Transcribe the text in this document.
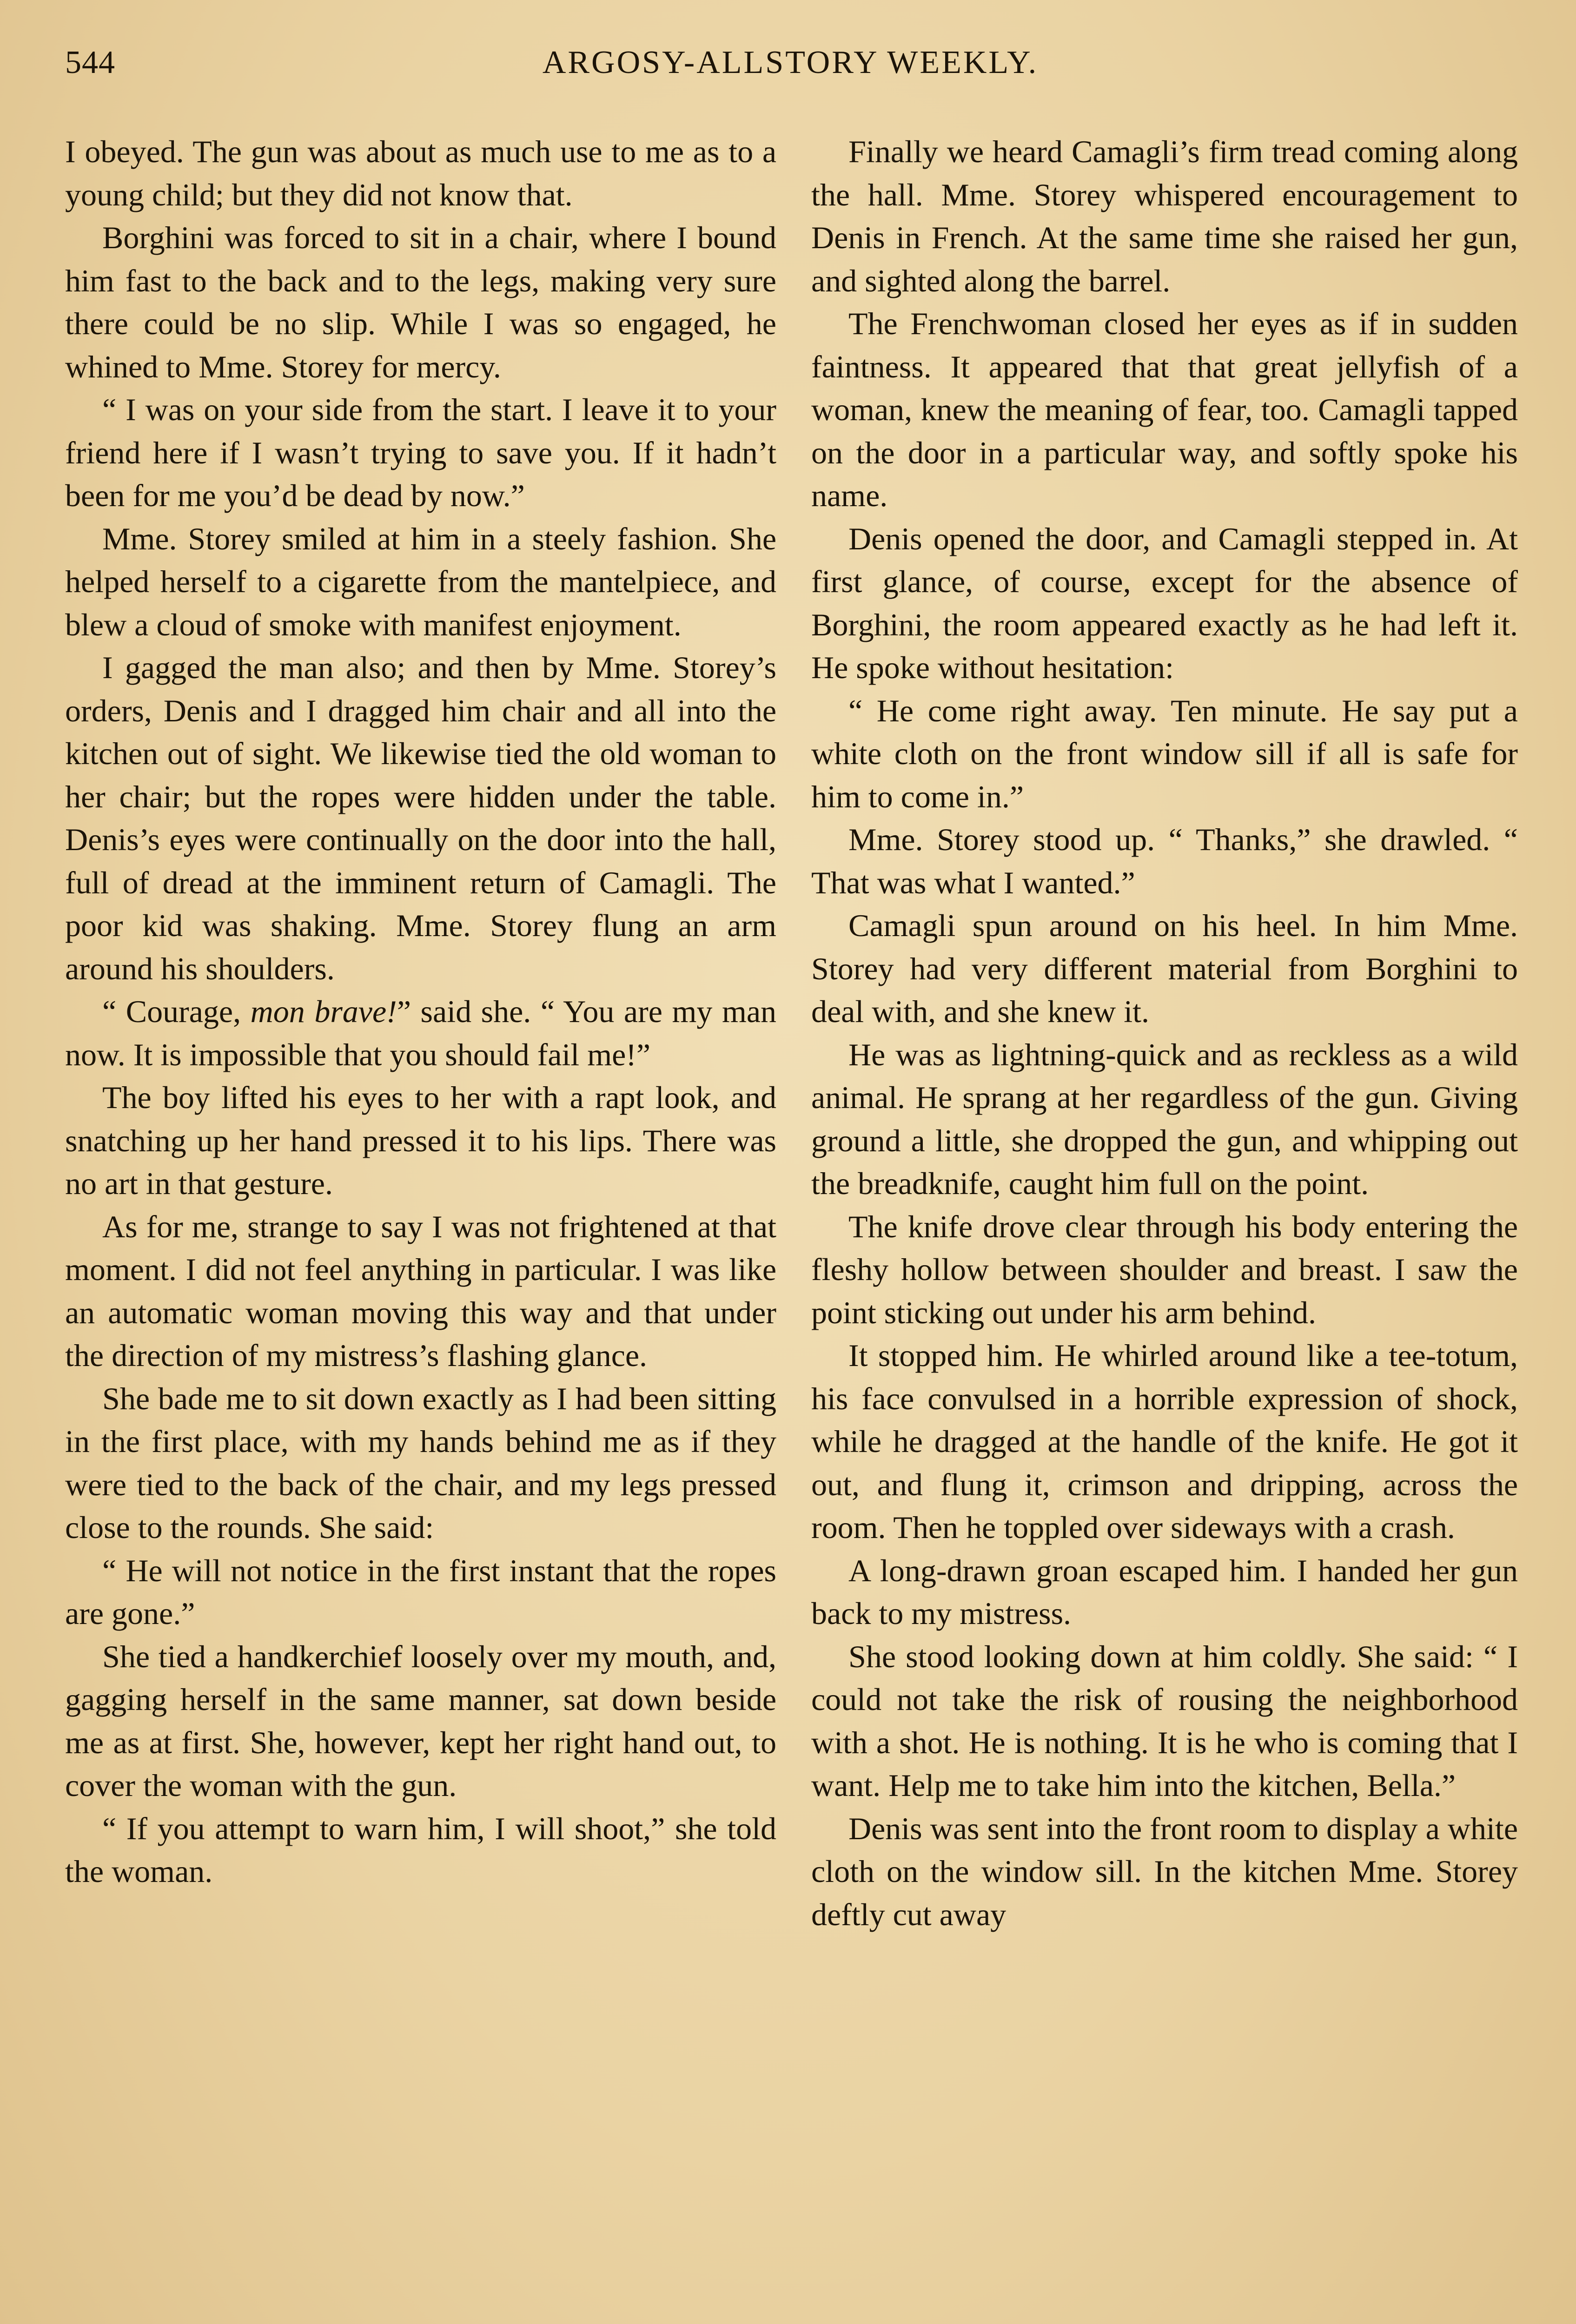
544	ARGOSY-ALLSTORY WEEKLY.

I obeyed. The gun was about as much use to me as to a young child; but they did not know that.

Borghini was forced to sit in a chair, where I bound him fast to the back and to the legs, making very sure there could be no slip. While I was so engaged, he whined to Mme. Storey for mercy.

“ I was on your side from the start. I leave it to your friend here if I wasn’t trying to save you. If it hadn’t been for me you’d be dead by now.”

Mme. Storey smiled at him in a steely fashion. She helped herself to a cigarette from the mantelpiece, and blew a cloud of smoke with manifest enjoyment.

I gagged the man also; and then by Mme. Storey’s orders, Denis and I dragged him chair and all into the kitchen out of sight. We likewise tied the old woman to her chair; but the ropes were hidden under the table. Denis’s eyes were continually on the door into the hall, full of dread at the imminent return of Camagli. The poor kid was shaking. Mme. Storey flung an arm around his shoulders.

“ Courage, mon brave!” said she. “ You are my man now. It is impossible that you should fail me!”

The boy lifted his eyes to her with a rapt look, and snatching up her hand pressed it to his lips. There was no art in that gesture.

As for me, strange to say I was not frightened at that moment. I did not feel anything in particular. I was like an automatic woman moving this way and that under the direction of my mistress’s flashing glance.

She bade me to sit down exactly as I had been sitting in the first place, with my hands behind me as if they were tied to the back of the chair, and my legs pressed close to the rounds. She said:

“ He will not notice in the first instant that the ropes are gone.”

She tied a handkerchief loosely over my mouth, and, gagging herself in the same manner, sat down beside me as at first. She, however, kept her right hand out, to cover the woman with the gun.

“ If you attempt to warn him, I will shoot,” she told the woman.

Finally we heard Camagli’s firm tread coming along the hall. Mme. Storey whispered encouragement to Denis in French. At the same time she raised her gun, and sighted along the barrel.

The Frenchwoman closed her eyes as if in sudden faintness. It appeared that that great jellyfish of a woman, knew the meaning of fear, too. Camagli tapped on the door in a particular way, and softly spoke his name.

Denis opened the door, and Camagli stepped in. At first glance, of course, except for the absence of Borghini, the room appeared exactly as he had left it. He spoke without hesitation:

“ He come right away. Ten minute. He say put a white cloth on the front window sill if all is safe for him to come in.”

Mme. Storey stood up. “ Thanks,” she drawled. “ That was what I wanted.”

Camagli spun around on his heel. In him Mme. Storey had very different material from Borghini to deal with, and she knew it.

He was as lightning-quick and as reckless as a wild animal. He sprang at her regardless of the gun. Giving ground a little, she dropped the gun, and whipping out the breadknife, caught him full on the point.

The knife drove clear through his body entering the fleshy hollow between shoulder and breast. I saw the point sticking out under his arm behind.

It stopped him. He whirled around like a tee-totum, his face convulsed in a horrible expression of shock, while he dragged at the handle of the knife. He got it out, and flung it, crimson and dripping, across the room. Then he toppled over sideways with a crash.

A long-drawn groan escaped him. I handed her gun back to my mistress.

She stood looking down at him coldly. She said: “ I could not take the risk of rousing the neighborhood with a shot. He is nothing. It is he who is coming that I want. Help me to take him into the kitchen, Bella.”

Denis was sent into the front room to display a white cloth on the window sill. In the kitchen Mme. Storey deftly cut away
